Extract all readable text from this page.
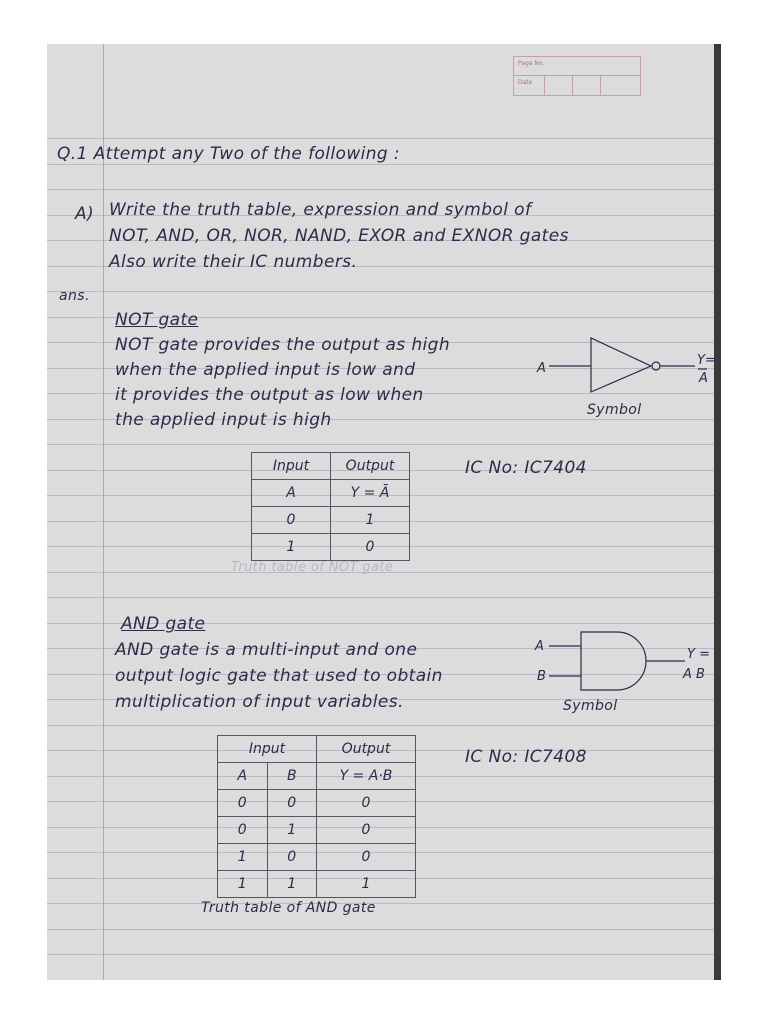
Page No.
Date
Q.1 Attempt any Two of the following :
A) Write the truth table, expression and symbol of
NOT, AND, OR, NOR, NAND, EXOR and EXNOR gates
Also write their IC numbers.
ans.
NOT gate
NOT gate provides the output as high
when the applied input is low and
it provides the output as low when
the applied input is high
A
Y=
A
Symbol
Input	Output
A	Y = Ā
0	1
1	0
IC No: IC7404
Truth table of NOT gate
AND gate
AND gate is a multi-input and one
output logic gate that used to obtain
multiplication of input variables.
A
B
Y =
A B
Symbol
Input		Output
A	B	Y = A·B
0	0	0
0	1	0
1	0	0
1	1	1
IC No: IC7408
Truth table of AND gate
